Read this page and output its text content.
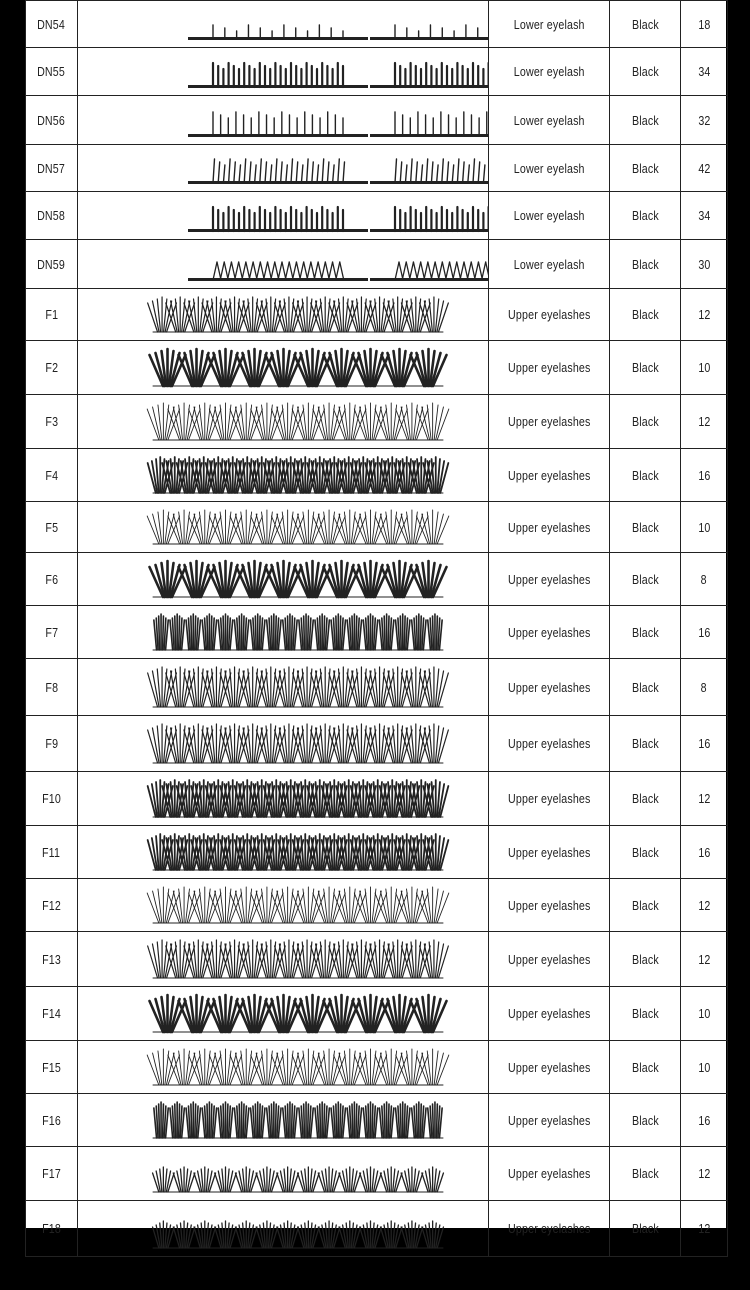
DN54		Lower eyelash	Black	18
DN55		Lower eyelash	Black	34
DN56		Lower eyelash	Black	32
DN57		Lower eyelash	Black	42
DN58		Lower eyelash	Black	34
DN59		Lower eyelash	Black	30
F1		Upper eyelashes	Black	12
F2		Upper eyelashes	Black	10
F3		Upper eyelashes	Black	12
F4		Upper eyelashes	Black	16
F5		Upper eyelashes	Black	10
F6		Upper eyelashes	Black	8
F7		Upper eyelashes	Black	16
F8		Upper eyelashes	Black	8
F9		Upper eyelashes	Black	16
F10		Upper eyelashes	Black	12
F11		Upper eyelashes	Black	16
F12		Upper eyelashes	Black	12
F13		Upper eyelashes	Black	12
F14		Upper eyelashes	Black	10
F15		Upper eyelashes	Black	10
F16		Upper eyelashes	Black	16
F17		Upper eyelashes	Black	12
F18		Upper eyelashes	Black	12
